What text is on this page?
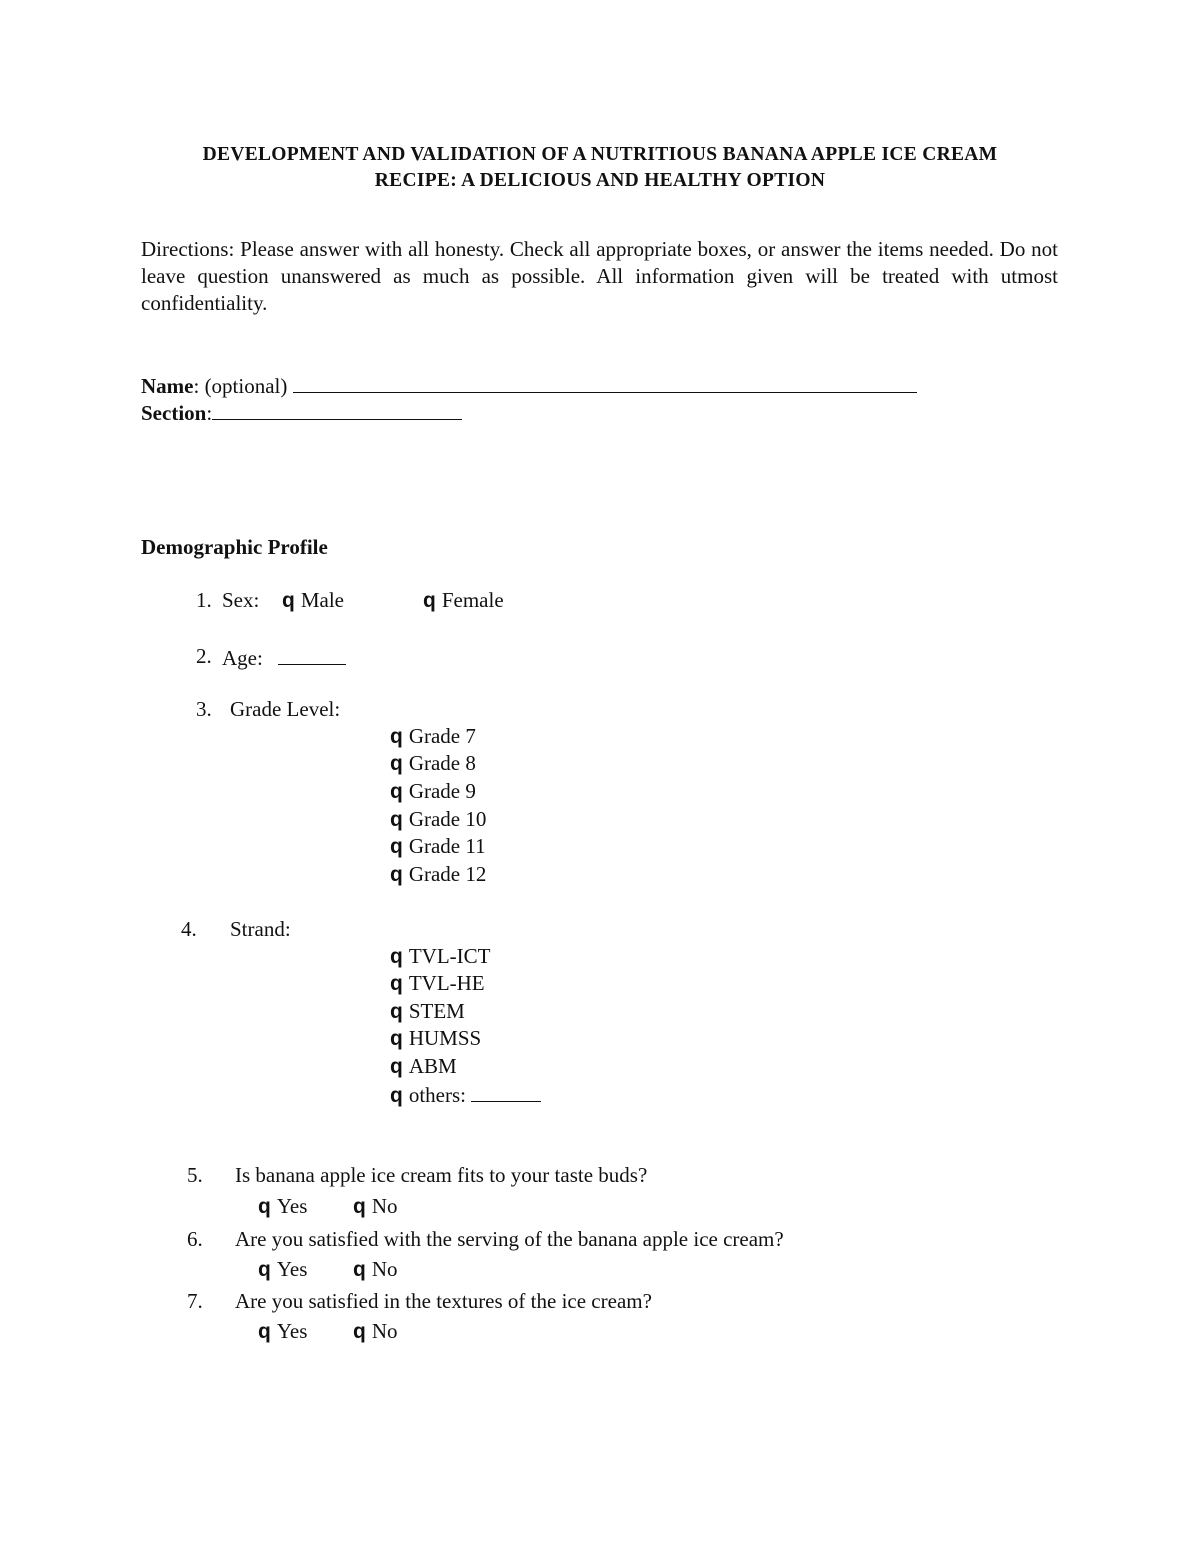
DEVELOPMENT AND VALIDATION OF A NUTRITIOUS BANANA APPLE ICE CREAM
RECIPE: A DELICIOUS AND HEALTHY OPTION
Directions: Please answer with all honesty. Check all appropriate boxes, or answer the items needed. Do not leave question unanswered as much as possible. All information given will be treated with utmost confidentiality.
Name: (optional)
Section:
Demographic Profile
1. Sex: q Male	q Female
2. Age:
3. Grade Level:
q Grade 7
q Grade 8
q Grade 9
q Grade 10
q Grade 11
q Grade 12
4. Strand:
q TVL-ICT
q TVL-HE
q STEM
q HUMSS
q ABM
q others:
5. Is banana apple ice cream fits to your taste buds?
q Yes q No
6. Are you satisfied with the serving of the banana apple ice cream?
q Yes q No
7. Are you satisfied in the textures of the ice cream?
q Yes q No
